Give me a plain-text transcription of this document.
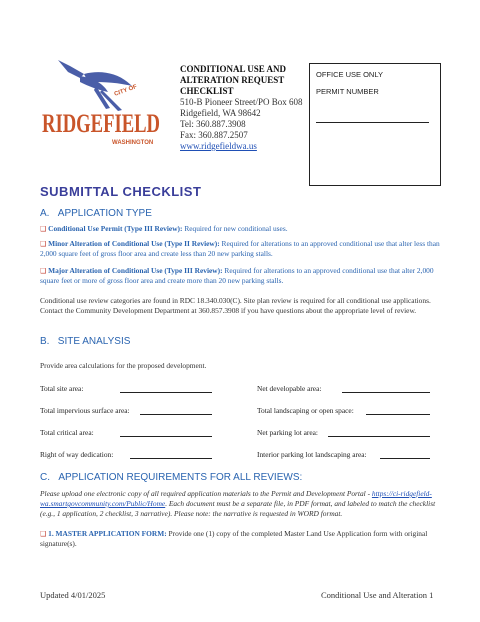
CITY OF
RIDGEFIELD
WASHINGTON
CONDITIONAL USE AND
ALTERATION REQUEST
CHECKLIST
510-B Pioneer Street/PO Box 608
Ridgefield, WA 98642
Tel: 360.887.3908
Fax: 360.887.2507
www.ridgefieldwa.us
OFFICE USE ONLY
PERMIT NUMBER
SUBMITTAL CHECKLIST
A.   APPLICATION TYPE
❑ Conditional Use Permit (Type III Review): Required for new conditional uses.
❑ Minor Alteration of Conditional Use (Type II Review): Required for alterations to an approved conditional use that alter less than 2,000 square feet of gross floor area and create less than 20 new parking stalls.
❑ Major Alteration of Conditional Use (Type III Review): Required for alterations to an approved conditional use that alter 2,000 square feet or more of gross floor area and create more than 20 new parking stalls.
Conditional use review categories are found in RDC 18.340.030(C). Site plan review is required for all conditional use applications. Contact the Community Development Department at 360.857.3908 if you have questions about the appropriate level of review.
B.   SITE ANALYSIS
Provide area calculations for the proposed development.
Total site area:
Total impervious surface area:
Total critical area:
Right of way dedication:
Net developable area:
Total landscaping or open space:
Net parking lot area:
Interior parking lot landscaping area:
C.   APPLICATION REQUIREMENTS FOR ALL REVIEWS:
Please upload one electronic copy of all required application materials to the Permit and Development Portal - https://ci-ridgefield-wa.smartgovcommunity.com/Public/Home. Each document must be a separate file, in PDF format, and labeled to match the checklist (e.g., 1 application, 2 checklist, 3 narrative). Please note: the narrative is requested in WORD format.
❑ 1. MASTER APPLICATION FORM: Provide one (1) copy of the completed Master Land Use Application form with original signature(s).
Updated 4/01/2025	Conditional Use and Alteration 1
